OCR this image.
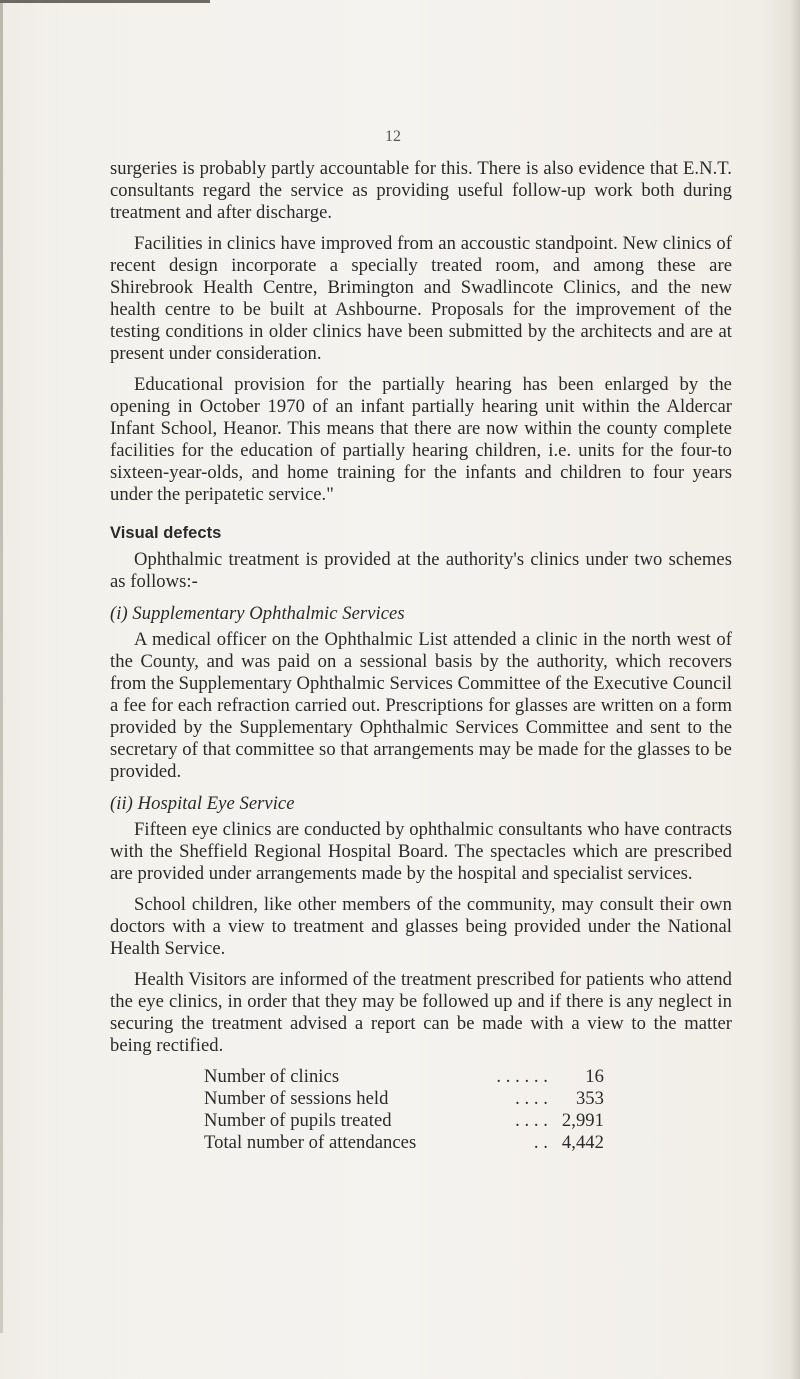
12

surgeries is probably partly accountable for this. There is also evidence that E.N.T. consultants regard the service as providing useful follow-up work both during treatment and after discharge.

Facilities in clinics have improved from an accoustic standpoint. New clinics of recent design incorporate a specially treated room, and among these are Shirebrook Health Centre, Brimington and Swadlincote Clinics, and the new health centre to be built at Ashbourne. Proposals for the improvement of the testing conditions in older clinics have been submitted by the architects and are at present under consideration.

Educational provision for the partially hearing has been enlarged by the opening in October 1970 of an infant partially hearing unit within the Aldercar Infant School, Heanor. This means that there are now within the county complete facilities for the education of partially hearing children, i.e. units for the four-to sixteen-year-olds, and home training for the infants and children to four years under the peripatetic service."

Visual defects

Ophthalmic treatment is provided at the authority's clinics under two schemes as follows:-

(i) Supplementary Ophthalmic Services

A medical officer on the Ophthalmic List attended a clinic in the north west of the County, and was paid on a sessional basis by the authority, which recovers from the Supplementary Ophthalmic Services Committee of the Executive Council a fee for each refraction carried out. Prescriptions for glasses are written on a form provided by the Supplementary Ophthalmic Services Committee and sent to the secretary of that committee so that arrangements may be made for the glasses to be provided.

(ii) Hospital Eye Service

Fifteen eye clinics are conducted by ophthalmic consultants who have contracts with the Sheffield Regional Hospital Board. The spectacles which are prescribed are provided under arrangements made by the hospital and specialist services.

School children, like other members of the community, may consult their own doctors with a view to treatment and glasses being provided under the National Health Service.

Health Visitors are informed of the treatment prescribed for patients who attend the eye clinics, in order that they may be followed up and if there is any neglect in securing the treatment advised a report can be made with a view to the matter being rectified.

Number of clinics	. . . . . .	16
Number of sessions held	. . . .	353
Number of pupils treated	. . . . 2,991
Total number of attendances	. . 4,442
